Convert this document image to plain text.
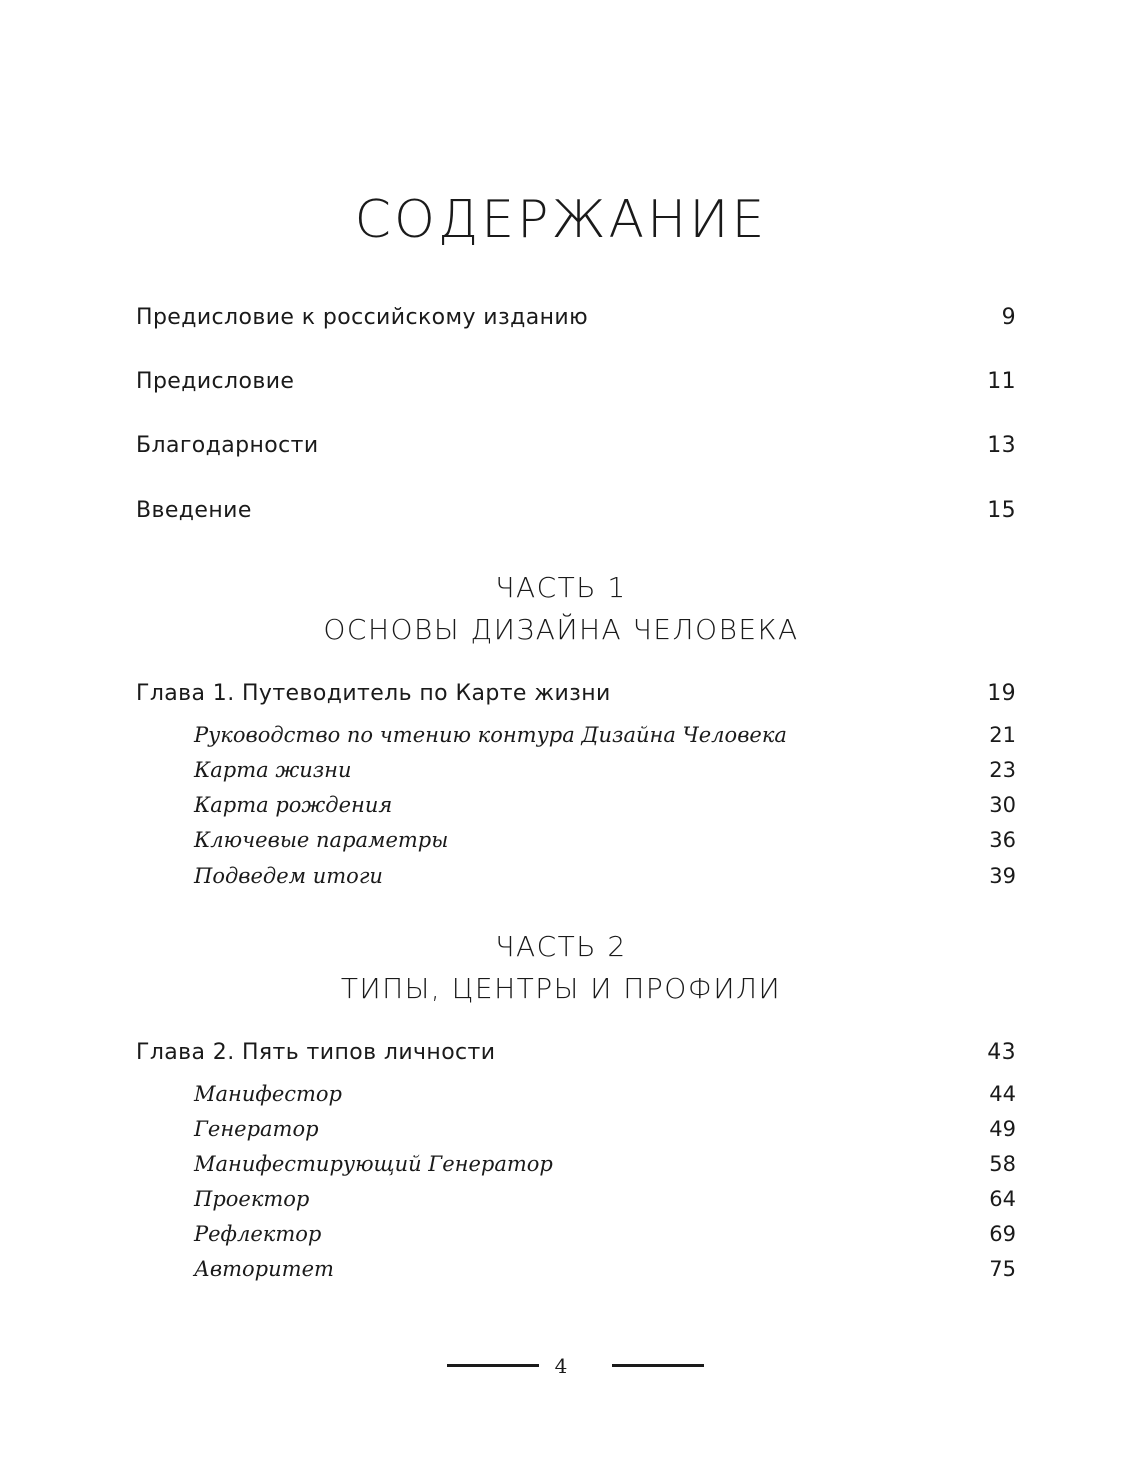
СОДЕРЖАНИЕ
Предисловие к российскому изданию	9
Предисловие	11
Благодарности	13
Введение	15
ЧАСТЬ 1
ОСНОВЫ ДИЗАЙНА ЧЕЛОВЕКА
Глава 1. Путеводитель по Карте жизни	19
Руководство по чтению контура Дизайна Человека	21
Карта жизни	23
Карта рождения	30
Ключевые параметры	36
Подведем итоги	39
ЧАСТЬ 2
ТИПЫ, ЦЕНТРЫ И ПРОФИЛИ
Глава 2. Пять типов личности	43
Манифестор	44
Генератор	49
Манифестирующий Генератор	58
Проектор	64
Рефлектор	69
Авторитет	75
4
